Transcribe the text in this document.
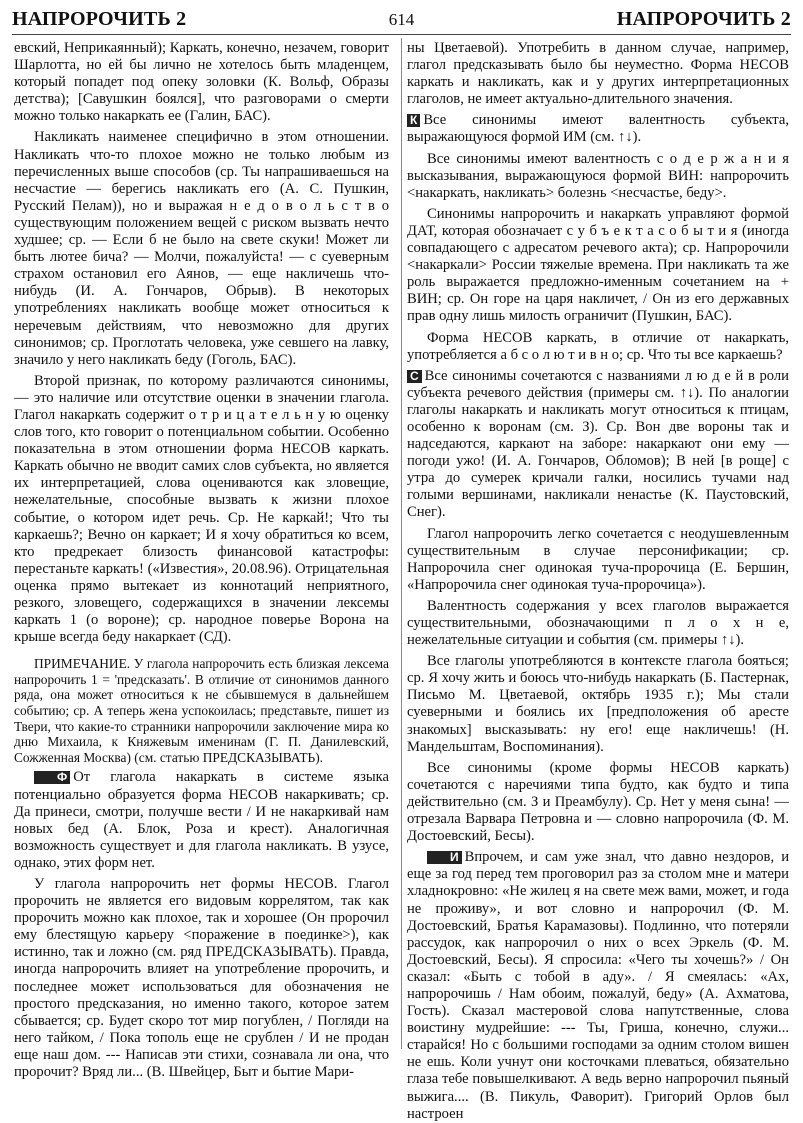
НАПРОРОЧИТЬ 2	614	НАПРОРОЧИТЬ 2

евский, Неприкаянный); Каркать, конечно, незачем, говорит Шарлотта, но ей бы лично не хотелось быть младенцем, который попадет под опеку золовки (К. Вольф, Образы детства); [Савушкин боялся], что разговорами о смерти можно только накаркать ее (Галин, БАС).

Накликать наименее специфично в этом отношении. Накликать что-то плохое можно не только любым из перечисленных выше способов (ср. Ты напрашиваешься на несчастие — берегись накликать его (А. С. Пушкин, Русский Пелам)), но и выражая н е д о в о л ь с т в о существующим положением вещей с риском вызвать нечто худшее; ср. — Если б не было на свете скуки! Может ли быть лютее бича? — Молчи, пожалуйста! — с суеверным страхом остановил его Аянов, — еще накличешь что-нибудь (И. А. Гончаров, Обрыв). В некоторых употреблениях накликать вообще может относиться к неречевым действиям, что невозможно для других синонимов; ср. Проглотать человека, уже севшего на лавку, значило у него накликать беду (Гоголь, БАС).

Второй признак, по которому различаются синонимы, — это наличие или отсутствие оценки в значении глагола. Глагол накаркать содержит о т р и ц а т е л ь н у ю оценку слов того, кто говорит о потенциальном событии. Особенно показательна в этом отношении форма НЕСОВ каркать. Каркать обычно не вводит самих слов субъекта, но является их интерпретацией, слова оцениваются как зловещие, нежелательные, способные вызвать к жизни плохое событие, о котором идет речь. Ср. Не каркай!; Что ты каркаешь?; Вечно он каркает; И я хочу обратиться ко всем, кто предрекает близость финансовой катастрофы: перестаньте каркать! («Известия», 20.08.96). Отрицательная оценка прямо вытекает из коннотаций неприятного, резкого, зловещего, содержащихся в значении лексемы каркать 1 (о вороне); ср. народное поверье Ворона на крыше всегда беду накаркает (СД).

ПРИМЕЧАНИЕ. У глагола напророчить есть близкая лексема напророчить 1 = 'предсказать'. В отличие от синонимов данного ряда, она может относиться к не сбывшемуся в дальнейшем событию; ср. А теперь жена успокоилась; представьте, пишет из Твери, что какие-то странники напророчили заключение мира ко дню Михаила, к Княжевым именинам (Г. П. Данилевский, Сожженная Москва) (см. статью ПРЕДСКАЗЫВАТЬ).

Ф От глагола накаркать в системе языка потенциально образуется форма НЕСОВ накаркивать; ср. Да принеси, смотри, получше вести / И не накаркивай нам новых бед (А. Блок, Роза и крест). Аналогичная возможность существует и для глагола накликать. В узусе, однако, этих форм нет.

У глагола напророчить нет формы НЕСОВ. Глагол пророчить не является его видовым коррелятом, так как пророчить можно как плохое, так и хорошее (Он пророчил ему блестящую карьеру <поражение в поединке>), как истинно, так и ложно (см. ряд ПРЕДСКАЗЫВАТЬ). Правда, иногда напророчить влияет на употребление пророчить, и последнее может использоваться для обозначения не простого предсказания, но именно такого, которое затем сбывается; ср. Будет скоро тот мир погублен, / Погляди на него тайком, / Пока тополь еще не срублен / И не продан еще наш дом. --- Написав эти стихи, сознавала ли она, что пророчит? Вряд ли... (В. Швейцер, Быт и бытие Мари-

ны Цветаевой). Употребить в данном случае, например, глагол предсказывать было бы неуместно. Форма НЕСОВ каркать и накликать, как и у других интерпретационных глаголов, не имеет актуально-длительного значения.

К Все синонимы имеют валентность субъекта, выражающуюся формой ИМ (см. ↑↓).

Все синонимы имеют валентность с о д е р ж а н и я высказывания, выражающуюся формой ВИН: напророчить <накаркать, накликать> болезнь <несчастье, беду>.

Синонимы напророчить и накаркать управляют формой ДАТ, которая обозначает с у б ъ е к т а с о б ы т и я (иногда совпадающего с адресатом речевого акта); ср. Напророчили <накаркали> России тяжелые времена. При накликать та же роль выражается предложно-именным сочетанием на + ВИН; ср. Он горе на царя накличет, / Он из его державных прав одну лишь милость ограничит (Пушкин, БАС).

Форма НЕСОВ каркать, в отличие от накаркать, употребляется а б с о л ю т и в н о; ср. Что ты все каркаешь?

С Все синонимы сочетаются с названиями л ю д е й в роли субъекта речевого действия (примеры см. ↑↓). По аналогии глаголы накаркать и накликать могут относиться к птицам, особенно к воронам (см. З). Ср. Вон две вороны так и надседаются, каркают на заборе: накаркают они ему — погоди ужо! (И. А. Гончаров, Обломов); В ней [в роще] с утра до сумерек кричали галки, носились тучами над голыми вершинами, накликали ненастье (К. Паустовский, Снег).

Глагол напророчить легко сочетается с неодушевленным существительным в случае персонификации; ср. Напророчила снег одинокая туча-пророчица (Е. Бершин, «Напророчила снег одинокая туча-пророчица»).

Валентность содержания у всех глаголов выражается существительными, обозначающими п л о х н е, нежелательные ситуации и события (см. примеры ↑↓).

Все глаголы употребляются в контексте глагола бояться; ср. Я хочу жить и боюсь что-нибудь накаркать (Б. Пастернак, Письмо М. Цветаевой, октябрь 1935 г.); Мы стали суеверными и боялись их [предположения об аресте знакомых] высказывать: ну его! еще накличешь! (Н. Мандельштам, Воспоминания).

Все синонимы (кроме формы НЕСОВ каркать) сочетаются с наречиями типа будто, как будто и типа действительно (см. З и Преамбулу). Ср. Нет у меня сына! — отрезала Варвара Петровна и — словно напророчила (Ф. М. Достоевский, Бесы).

И Впрочем, и сам уже знал, что давно нездоров, и еще за год перед тем проговорил раз за столом мне и матери хладнокровно: «Не жилец я на свете меж вами, может, и года не проживу», и вот словно и напророчил (Ф. М. Достоевский, Братья Карамазовы). Подлинно, что потеряли рассудок, как напророчил о них о всех Эркель (Ф. М. Достоевский, Бесы). Я спросила: «Чего ты хочешь?» / Он сказал: «Быть с тобой в аду». / Я смеялась: «Ах, напророчишь / Нам обоим, пожалуй, беду» (А. Ахматова, Гость). Сказал мастеровой слова напутственные, слова воистину мудрейшие: --- Ты, Гриша, конечно, служи... старайся! Но с большими господами за одним столом вишен не ешь. Коли учнут они косточками плеваться, обязательно глаза тебе повышелкивают. А ведь верно напророчил пьяный выжига.... (В. Пикуль, Фаворит). Григорий Орлов был настроен
